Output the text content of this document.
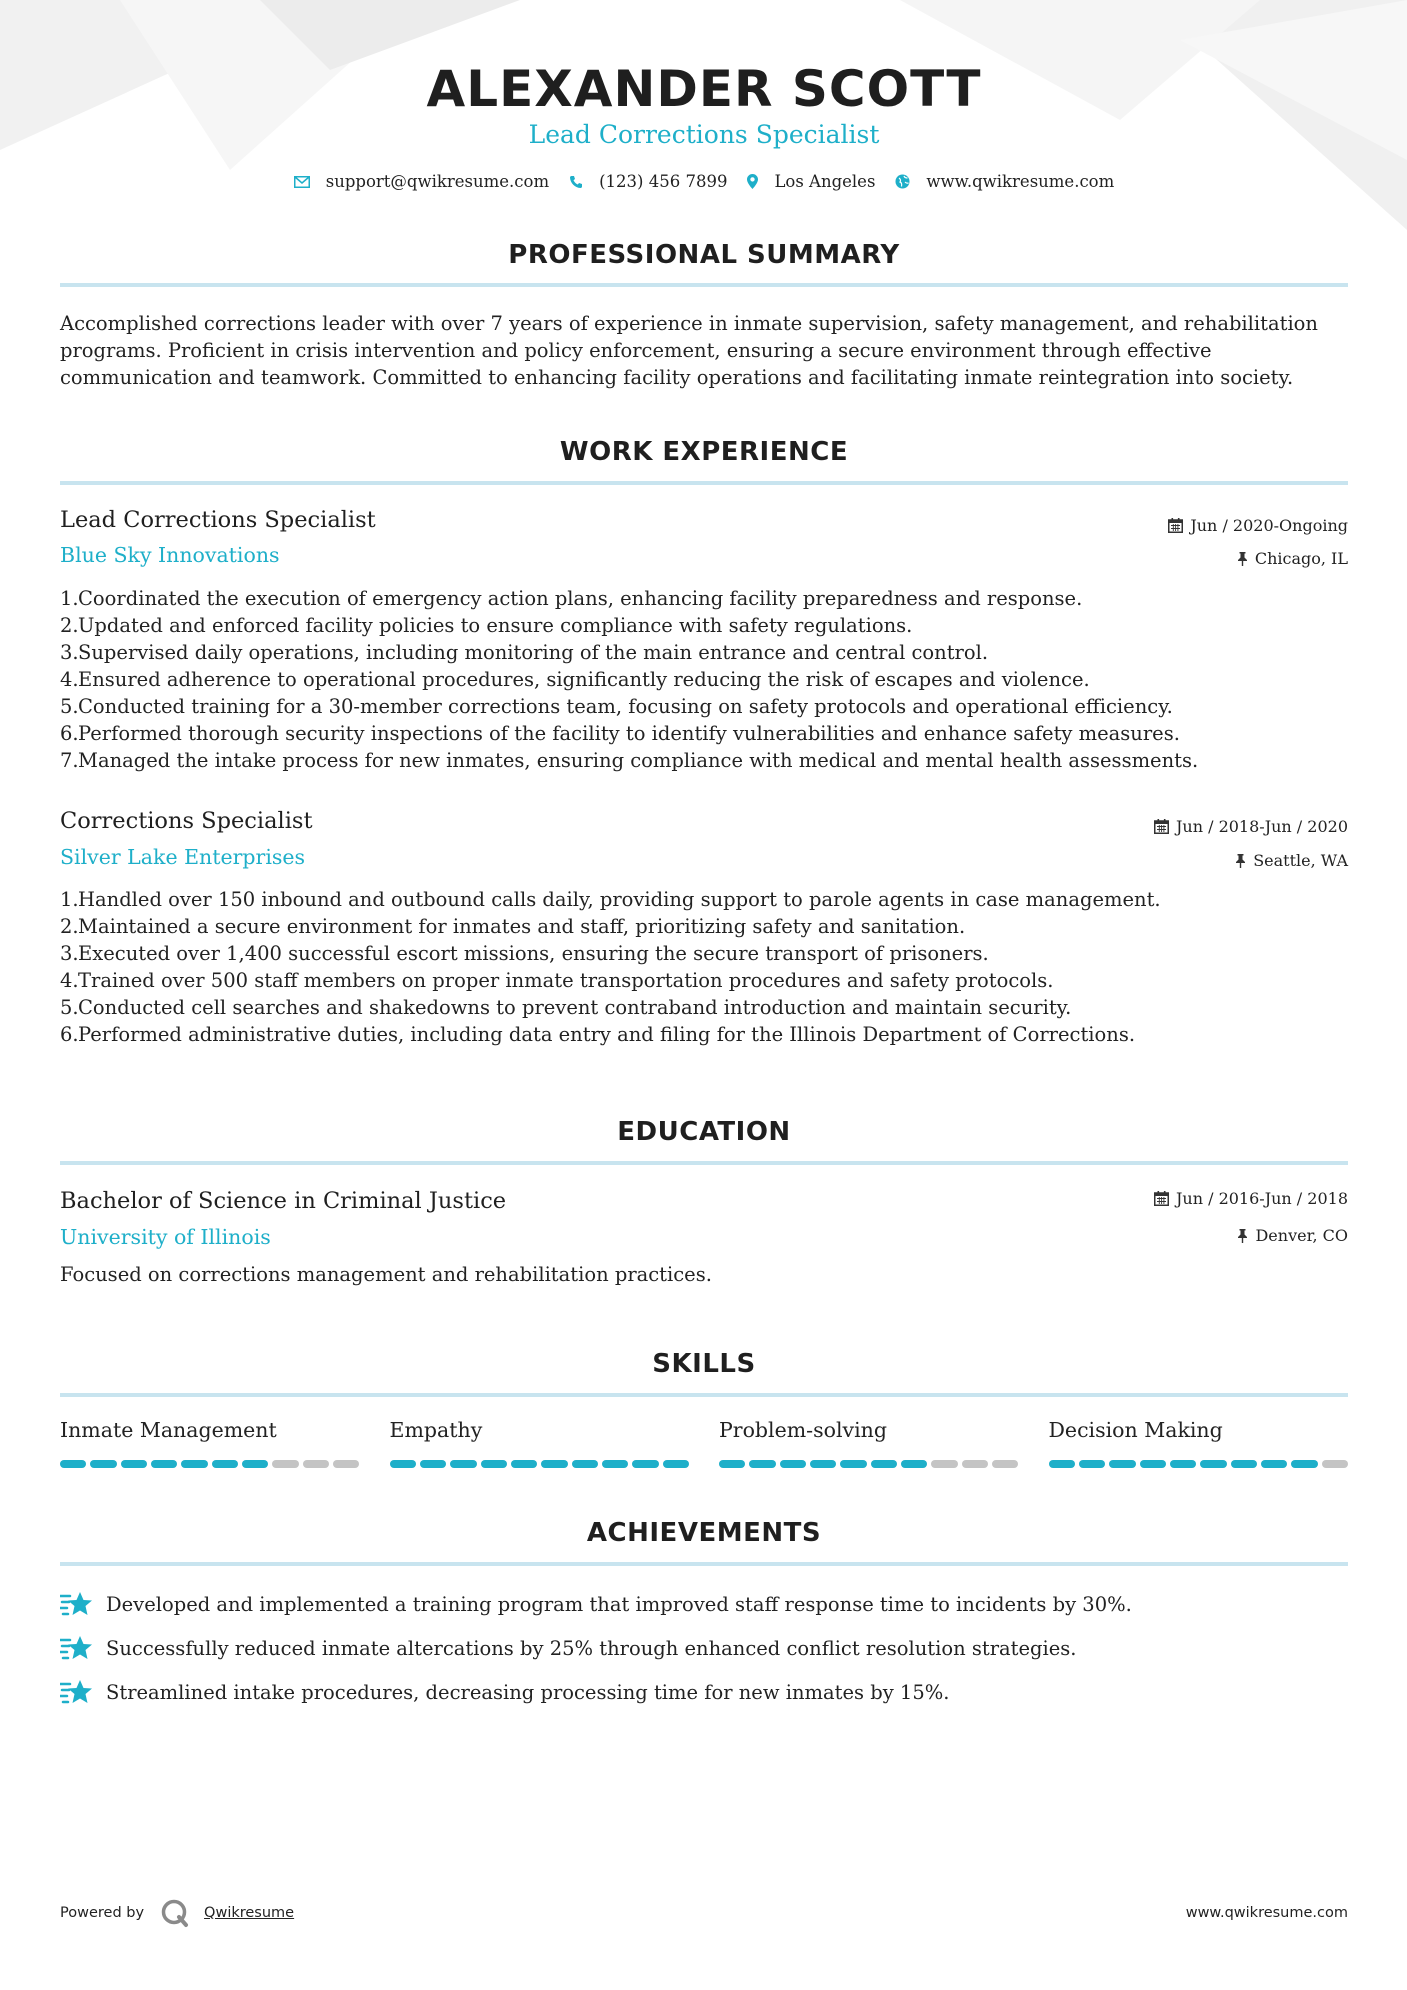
ALEXANDER SCOTT
Lead Corrections Specialist
support@qwikresume.com	(123) 456 7899	Los Angeles	www.qwikresume.com
PROFESSIONAL SUMMARY
Accomplished corrections leader with over 7 years of experience in inmate supervision, safety management, and rehabilitation programs. Proficient in crisis intervention and policy enforcement, ensuring a secure environment through effective communication and teamwork. Committed to enhancing facility operations and facilitating inmate reintegration into society.
WORK EXPERIENCE
Lead Corrections Specialist	Jun / 2020-Ongoing
Blue Sky Innovations	Chicago, IL
1. Coordinated the execution of emergency action plans, enhancing facility preparedness and response.
2. Updated and enforced facility policies to ensure compliance with safety regulations.
3. Supervised daily operations, including monitoring of the main entrance and central control.
4. Ensured adherence to operational procedures, significantly reducing the risk of escapes and violence.
5. Conducted training for a 30-member corrections team, focusing on safety protocols and operational efficiency.
6. Performed thorough security inspections of the facility to identify vulnerabilities and enhance safety measures.
7. Managed the intake process for new inmates, ensuring compliance with medical and mental health assessments.
Corrections Specialist	Jun / 2018-Jun / 2020
Silver Lake Enterprises	Seattle, WA
1. Handled over 150 inbound and outbound calls daily, providing support to parole agents in case management.
2. Maintained a secure environment for inmates and staff, prioritizing safety and sanitation.
3. Executed over 1,400 successful escort missions, ensuring the secure transport of prisoners.
4. Trained over 500 staff members on proper inmate transportation procedures and safety protocols.
5. Conducted cell searches and shakedowns to prevent contraband introduction and maintain security.
6. Performed administrative duties, including data entry and filing for the Illinois Department of Corrections.
EDUCATION
Bachelor of Science in Criminal Justice	Jun / 2016-Jun / 2018
University of Illinois	Denver, CO
Focused on corrections management and rehabilitation practices.
SKILLS
Inmate Management	Empathy	Problem-solving	Decision Making
ACHIEVEMENTS
Developed and implemented a training program that improved staff response time to incidents by 30%.
Successfully reduced inmate altercations by 25% through enhanced conflict resolution strategies.
Streamlined intake procedures, decreasing processing time for new inmates by 15%.
Powered by	Qwikresume	www.qwikresume.com
